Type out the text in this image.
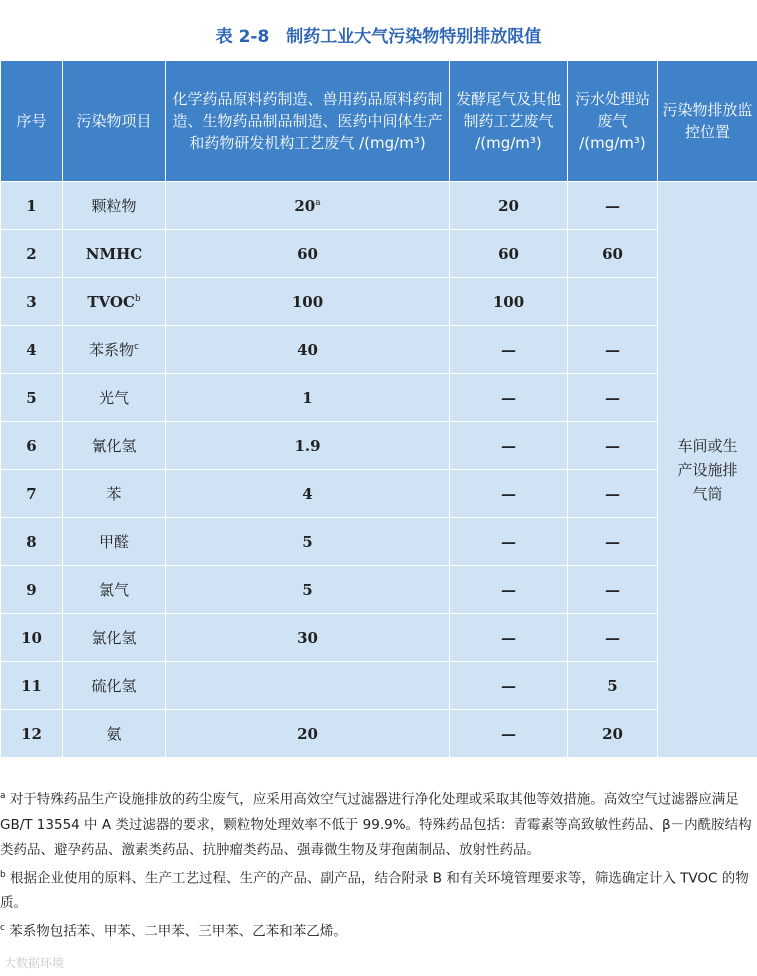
表 2-8　制药工业大气污染物特别排放限值
序号	污染物项目	化学药品原料药制造、兽用药品原料药制造、生物药品制品制造、医药中间体生产和药物研发机构工艺废气 /(mg/m³)	发酵尾气及其他制药工艺废气 /(mg/m³)	污水处理站废气 /(mg/m³)	污染物排放监控位置
1	颗粒物	20$^a$	20	—	车间或生产设施排气筒
2	NMHC	60	60	60	
3	TVOC$^b$	100	100		
4	苯系物$^c$	40	—	—	
5	光气	1	—	—	
6	氰化氢	1.9	—	—	
7	苯	4	—	—	
8	甲醛	5	—	—	
9	氯气	5	—	—	
10	氯化氢	30	—	—	
11	硫化氢		—	5	
12	氨	20	—	20	

$^a$ 对于特殊药品生产设施排放的药尘废气，应采用高效空气过滤器进行净化处理或采取其他等效措施。高效空气过滤器应满足 GB/T 13554 中 A 类过滤器的要求，颗粒物处理效率不低于 99.9%。特殊药品包括：青霉素等高致敏性药品、β－内酰胺结构类药品、避孕药品、激素类药品、抗肿瘤类药品、强毒微生物及芽孢菌制品、放射性药品。

$^b$ 根据企业使用的原料、生产工艺过程、生产的产品、副产品，结合附录 B 和有关环境管理要求等，筛选确定计入 TVOC 的物质。

$^c$ 苯系物包括苯、甲苯、二甲苯、三甲苯、乙苯和苯乙烯。

大数据环境
